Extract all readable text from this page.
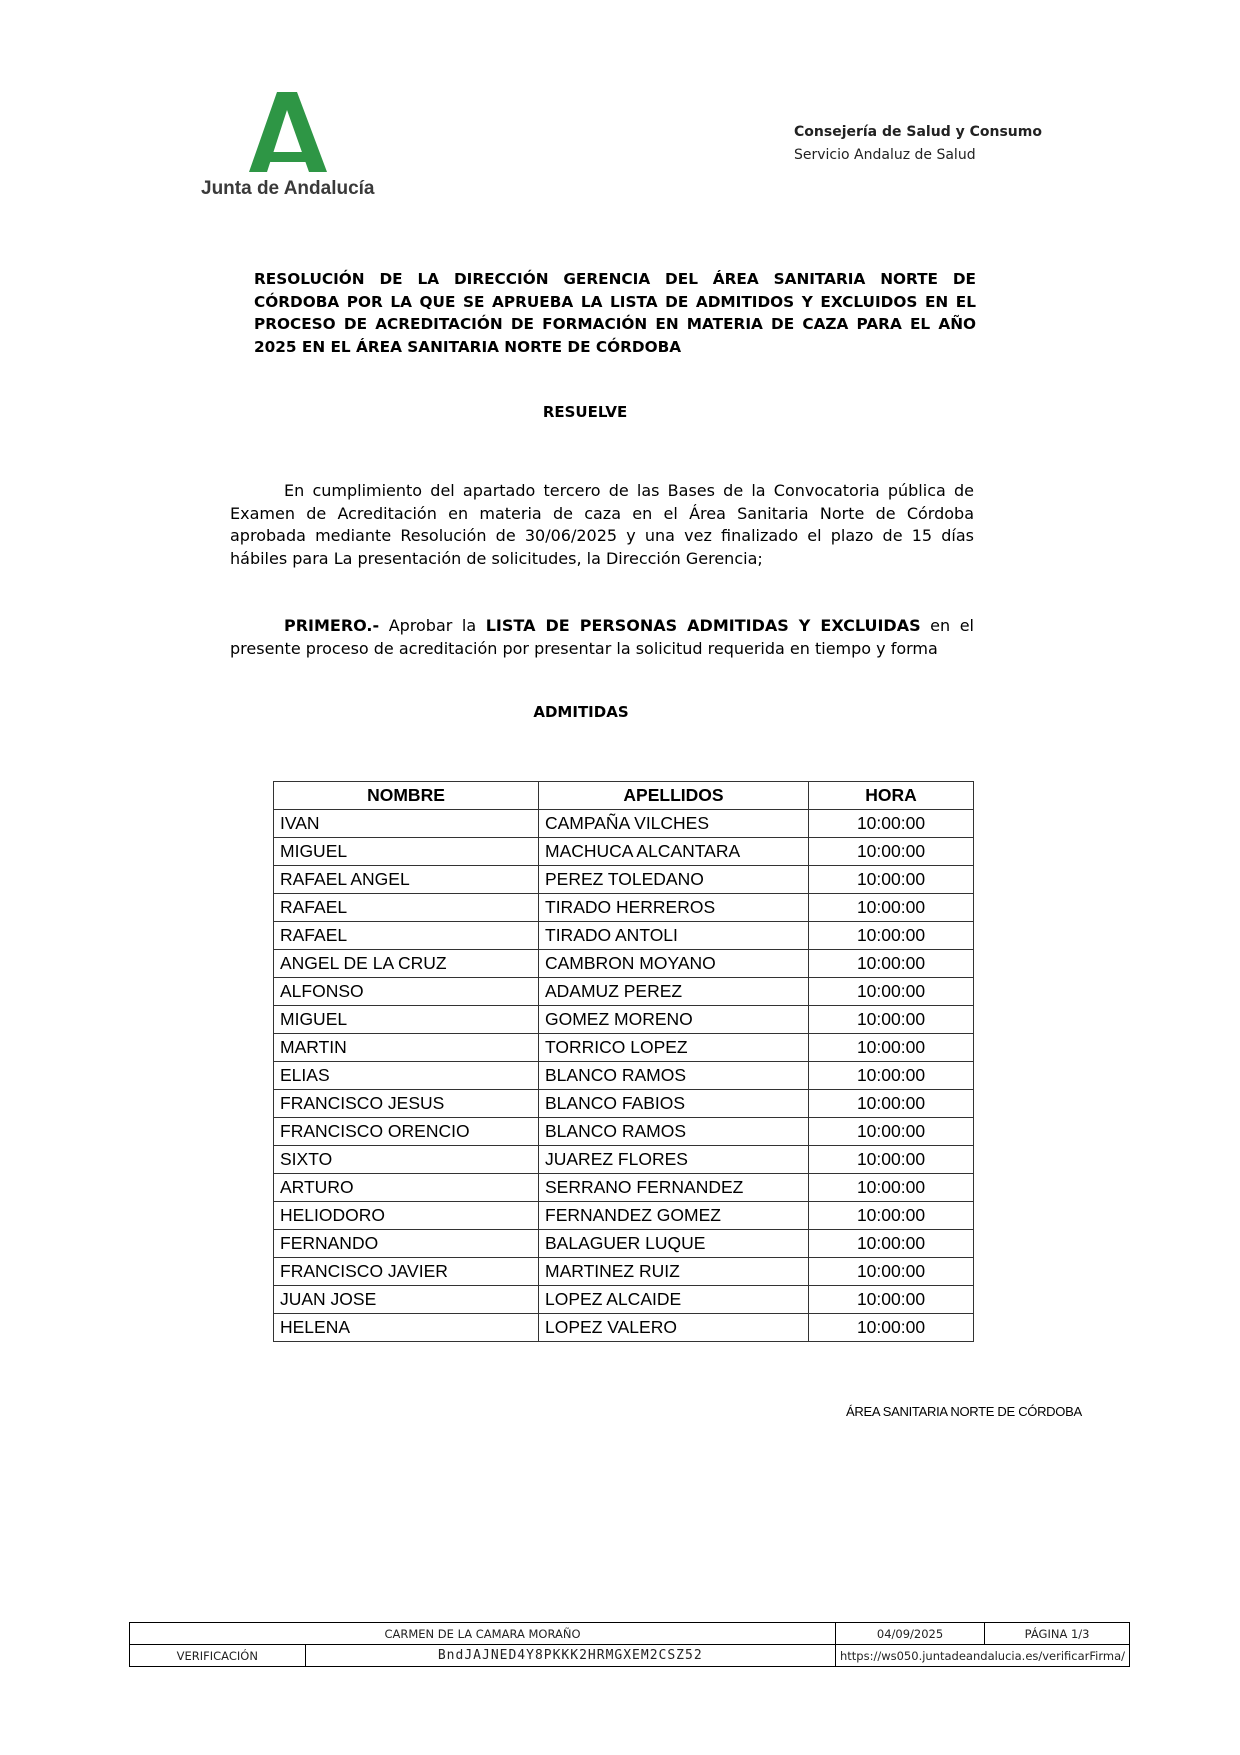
Junta de Andalucía
Consejería de Salud y Consumo
Servicio Andaluz de Salud
RESOLUCIÓN DE LA DIRECCIÓN GERENCIA DEL ÁREA SANITARIA NORTE DE CÓRDOBA POR LA QUE SE APRUEBA LA LISTA DE ADMITIDOS Y EXCLUIDOS EN EL PROCESO DE ACREDITACIÓN DE FORMACIÓN EN MATERIA DE CAZA PARA EL AÑO 2025 EN EL ÁREA SANITARIA NORTE DE CÓRDOBA
RESUELVE
En cumplimiento del apartado tercero de las Bases de la Convocatoria pública de Examen de Acreditación en materia de caza en el Área Sanitaria Norte de Córdoba aprobada mediante Resolución de 30/06/2025 y una vez finalizado el plazo de 15 días hábiles para La presentación de solicitudes, la Dirección Gerencia;
PRIMERO.- Aprobar la LISTA DE PERSONAS ADMITIDAS Y EXCLUIDAS en el presente proceso de acreditación por presentar la solicitud requerida en tiempo y forma
ADMITIDAS
NOMBRE	APELLIDOS	HORA
IVAN	CAMPAÑA VILCHES	10:00:00
MIGUEL	MACHUCA ALCANTARA	10:00:00
RAFAEL ANGEL	PEREZ TOLEDANO	10:00:00
RAFAEL	TIRADO HERREROS	10:00:00
RAFAEL	TIRADO ANTOLI	10:00:00
ANGEL DE LA CRUZ	CAMBRON MOYANO	10:00:00
ALFONSO	ADAMUZ PEREZ	10:00:00
MIGUEL	GOMEZ MORENO	10:00:00
MARTIN	TORRICO LOPEZ	10:00:00
ELIAS	BLANCO RAMOS	10:00:00
FRANCISCO JESUS	BLANCO FABIOS	10:00:00
FRANCISCO ORENCIO	BLANCO RAMOS	10:00:00
SIXTO	JUAREZ FLORES	10:00:00
ARTURO	SERRANO FERNANDEZ	10:00:00
HELIODORO	FERNANDEZ GOMEZ	10:00:00
FERNANDO	BALAGUER LUQUE	10:00:00
FRANCISCO JAVIER	MARTINEZ RUIZ	10:00:00
JUAN JOSE	LOPEZ ALCAIDE	10:00:00
HELENA	LOPEZ VALERO	10:00:00
ÁREA SANITARIA NORTE DE CÓRDOBA
CARMEN DE LA CAMARA MORAÑO		04/09/2025	PÁGINA 1/3
VERIFICACIÓN	BndJAJNED4Y8PKKK2HRMGXEM2CSZ52	https://ws050.juntadeandalucia.es/verificarFirma/	
